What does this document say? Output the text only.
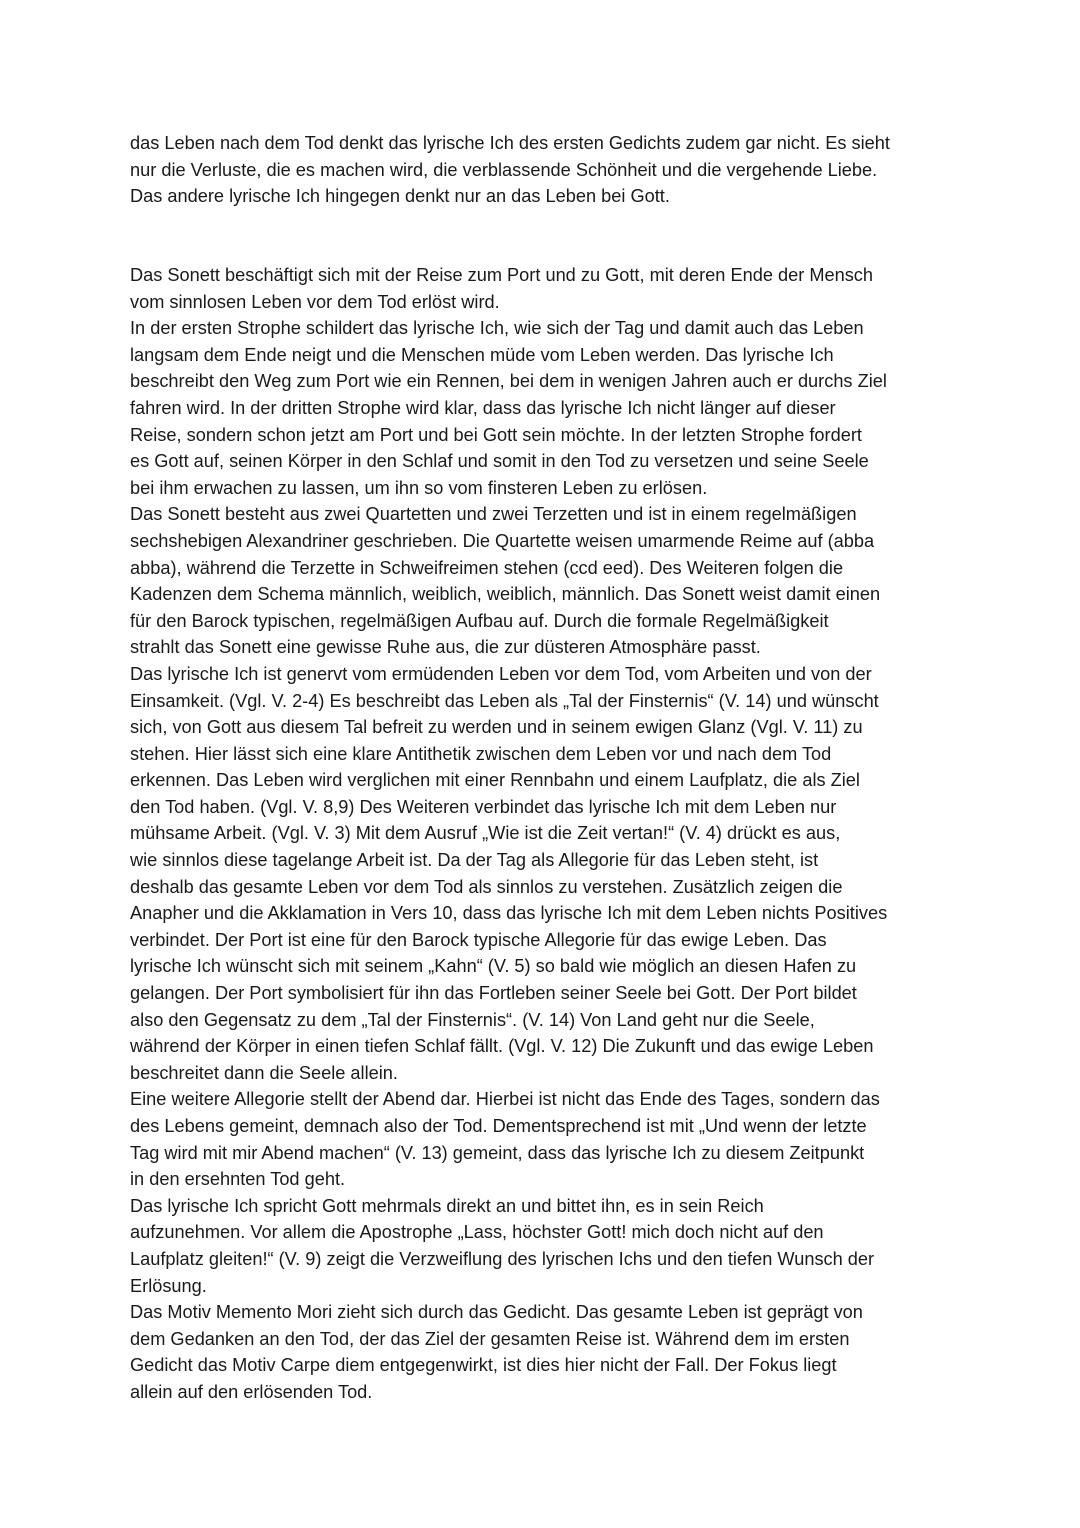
das Leben nach dem Tod denkt das lyrische Ich des ersten Gedichts zudem gar nicht. Es sieht
nur die Verluste, die es machen wird, die verblassende Schönheit und die vergehende Liebe.
Das andere lyrische Ich hingegen denkt nur an das Leben bei Gott.
Das Sonett beschäftigt sich mit der Reise zum Port und zu Gott, mit deren Ende der Mensch
vom sinnlosen Leben vor dem Tod erlöst wird.
In der ersten Strophe schildert das lyrische Ich, wie sich der Tag und damit auch das Leben
langsam dem Ende neigt und die Menschen müde vom Leben werden. Das lyrische Ich
beschreibt den Weg zum Port wie ein Rennen, bei dem in wenigen Jahren auch er durchs Ziel
fahren wird. In der dritten Strophe wird klar, dass das lyrische Ich nicht länger auf dieser
Reise, sondern schon jetzt am Port und bei Gott sein möchte. In der letzten Strophe fordert
es Gott auf, seinen Körper in den Schlaf und somit in den Tod zu versetzen und seine Seele
bei ihm erwachen zu lassen, um ihn so vom finsteren Leben zu erlösen.
Das Sonett besteht aus zwei Quartetten und zwei Terzetten und ist in einem regelmäßigen
sechshebigen Alexandriner geschrieben. Die Quartette weisen umarmende Reime auf (abba
abba), während die Terzette in Schweifreimen stehen (ccd eed). Des Weiteren folgen die
Kadenzen dem Schema männlich, weiblich, weiblich, männlich. Das Sonett weist damit einen
für den Barock typischen, regelmäßigen Aufbau auf. Durch die formale Regelmäßigkeit
strahlt das Sonett eine gewisse Ruhe aus, die zur düsteren Atmosphäre passt.
Das lyrische Ich ist genervt vom ermüdenden Leben vor dem Tod, vom Arbeiten und von der
Einsamkeit. (Vgl. V. 2-4) Es beschreibt das Leben als „Tal der Finsternis“ (V. 14) und wünscht
sich, von Gott aus diesem Tal befreit zu werden und in seinem ewigen Glanz (Vgl. V. 11) zu
stehen. Hier lässt sich eine klare Antithetik zwischen dem Leben vor und nach dem Tod
erkennen. Das Leben wird verglichen mit einer Rennbahn und einem Laufplatz, die als Ziel
den Tod haben. (Vgl. V. 8,9) Des Weiteren verbindet das lyrische Ich mit dem Leben nur
mühsame Arbeit. (Vgl. V. 3) Mit dem Ausruf „Wie ist die Zeit vertan!“ (V. 4) drückt es aus,
wie sinnlos diese tagelange Arbeit ist. Da der Tag als Allegorie für das Leben steht, ist
deshalb das gesamte Leben vor dem Tod als sinnlos zu verstehen. Zusätzlich zeigen die
Anapher und die Akklamation in Vers 10, dass das lyrische Ich mit dem Leben nichts Positives
verbindet. Der Port ist eine für den Barock typische Allegorie für das ewige Leben. Das
lyrische Ich wünscht sich mit seinem „Kahn“ (V. 5) so bald wie möglich an diesen Hafen zu
gelangen. Der Port symbolisiert für ihn das Fortleben seiner Seele bei Gott. Der Port bildet
also den Gegensatz zu dem „Tal der Finsternis“. (V. 14) Von Land geht nur die Seele,
während der Körper in einen tiefen Schlaf fällt. (Vgl. V. 12) Die Zukunft und das ewige Leben
beschreitet dann die Seele allein.
Eine weitere Allegorie stellt der Abend dar. Hierbei ist nicht das Ende des Tages, sondern das
des Lebens gemeint, demnach also der Tod. Dementsprechend ist mit „Und wenn der letzte
Tag wird mit mir Abend machen“ (V. 13) gemeint, dass das lyrische Ich zu diesem Zeitpunkt
in den ersehnten Tod geht.
Das lyrische Ich spricht Gott mehrmals direkt an und bittet ihn, es in sein Reich
aufzunehmen. Vor allem die Apostrophe „Lass, höchster Gott! mich doch nicht auf den
Laufplatz gleiten!“ (V. 9) zeigt die Verzweiflung des lyrischen Ichs und den tiefen Wunsch der
Erlösung.
Das Motiv Memento Mori zieht sich durch das Gedicht. Das gesamte Leben ist geprägt von
dem Gedanken an den Tod, der das Ziel der gesamten Reise ist. Während dem im ersten
Gedicht das Motiv Carpe diem entgegenwirkt, ist dies hier nicht der Fall. Der Fokus liegt
allein auf den erlösenden Tod.
